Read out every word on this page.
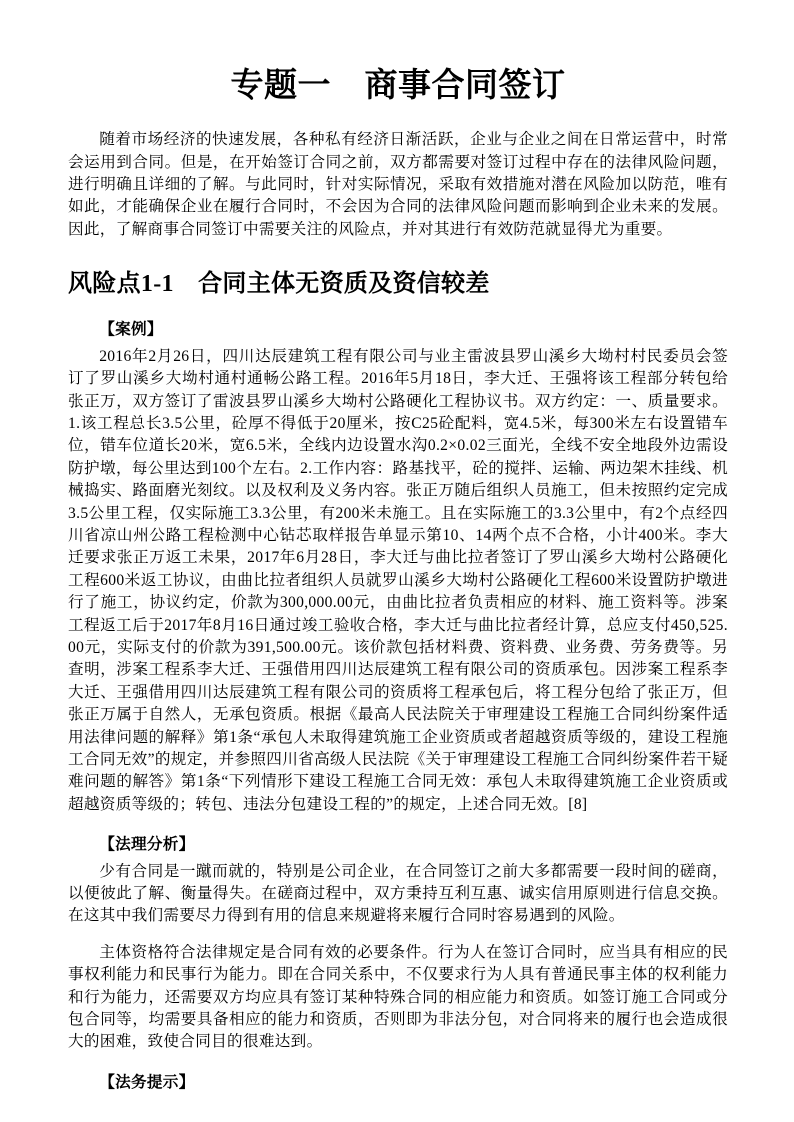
专题一　商事合同签订

随着市场经济的快速发展，各种私有经济日渐活跃，企业与企业之间在日常运营中，时常会运用到合同。但是，在开始签订合同之前，双方都需要对签订过程中存在的法律风险问题，进行明确且详细的了解。与此同时，针对实际情况，采取有效措施对潜在风险加以防范，唯有如此，才能确保企业在履行合同时，不会因为合同的法律风险问题而影响到企业未来的发展。因此，了解商事合同签订中需要关注的风险点，并对其进行有效防范就显得尤为重要。

风险点1-1　合同主体无资质及资信较差

【案例】

2016年2月26日，四川达辰建筑工程有限公司与业主雷波县罗山溪乡大坳村村民委员会签订了罗山溪乡大坳村通村通畅公路工程。2016年5月18日，李大迁、王强将该工程部分转包给张正万，双方签订了雷波县罗山溪乡大坳村公路硬化工程协议书。双方约定：一、质量要求。1.该工程总长3.5公里，砼厚不得低于20厘米，按C25砼配料，宽4.5米，每300米左右设置错车位，错车位道长20米，宽6.5米，全线内边设置水沟0.2×0.02三面光，全线不安全地段外边需设防护墩，每公里达到100个左右。2.工作内容：路基找平，砼的搅拌、运输、两边架木挂线、机械捣实、路面磨光刻纹。以及权利及义务内容。张正万随后组织人员施工，但未按照约定完成3.5公里工程，仅实际施工3.3公里，有200米未施工。且在实际施工的3.3公里中，有2个点经四川省凉山州公路工程检测中心钻芯取样报告单显示第10、14两个点不合格，小计400米。李大迁要求张正万返工未果，2017年6月28日，李大迁与曲比拉者签订了罗山溪乡大坳村公路硬化工程600米返工协议，由曲比拉者组织人员就罗山溪乡大坳村公路硬化工程600米设置防护墩进行了施工，协议约定，价款为300,000.00元，由曲比拉者负责相应的材料、施工资料等。涉案工程返工后于2017年8月16日通过竣工验收合格，李大迁与曲比拉者经计算，总应支付450,525.00元，实际支付的价款为391,500.00元。该价款包括材料费、资料费、业务费、劳务费等。另查明，涉案工程系李大迁、王强借用四川达辰建筑工程有限公司的资质承包。因涉案工程系李大迁、王强借用四川达辰建筑工程有限公司的资质将工程承包后，将工程分包给了张正万，但张正万属于自然人，无承包资质。根据《最高人民法院关于审理建设工程施工合同纠纷案件适用法律问题的解释》第1条“承包人未取得建筑施工企业资质或者超越资质等级的，建设工程施工合同无效”的规定，并参照四川省高级人民法院《关于审理建设工程施工合同纠纷案件若干疑难问题的解答》第1条“下列情形下建设工程施工合同无效：承包人未取得建筑施工企业资质或超越资质等级的；转包、违法分包建设工程的”的规定，上述合同无效。[8]

【法理分析】

少有合同是一蹴而就的，特别是公司企业，在合同签订之前大多都需要一段时间的磋商，以便彼此了解、衡量得失。在磋商过程中，双方秉持互利互惠、诚实信用原则进行信息交换。在这其中我们需要尽力得到有用的信息来规避将来履行合同时容易遇到的风险。

主体资格符合法律规定是合同有效的必要条件。行为人在签订合同时，应当具有相应的民事权利能力和民事行为能力。即在合同关系中，不仅要求行为人具有普通民事主体的权利能力和行为能力，还需要双方均应具有签订某种特殊合同的相应能力和资质。如签订施工合同或分包合同等，均需要具备相应的能力和资质，否则即为非法分包，对合同将来的履行也会造成很大的困难，致使合同目的很难达到。

【法务提示】
